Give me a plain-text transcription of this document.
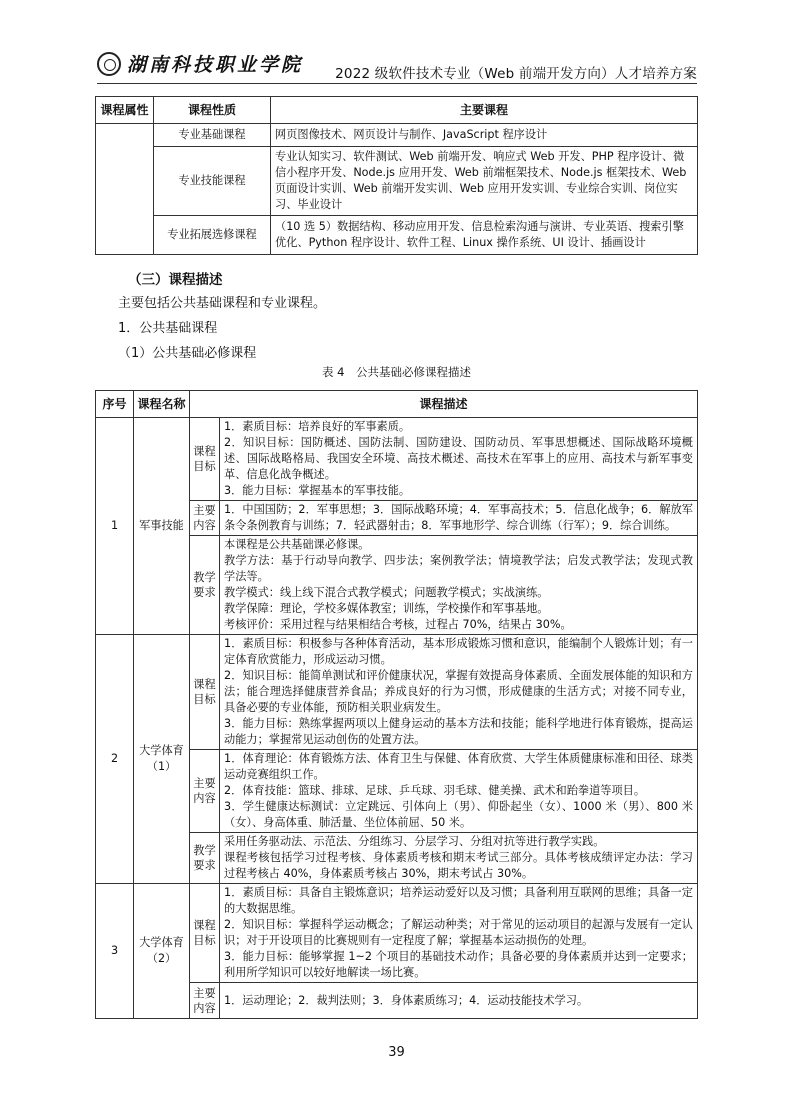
湖南科技职业学院 2022 级软件技术专业（Web 前端开发方向）人才培养方案
课程属性	课程性质	主要课程
	专业基础课程	网页图像技术、网页设计与制作、JavaScript 程序设计
	专业技能课程	专业认知实习、软件测试、Web 前端开发、响应式 Web 开发、PHP 程序设计、微信小程序开发、Node.js 应用开发、Web 前端框架技术、Node.js 框架技术、Web 页面设计实训、Web 前端开发实训、Web 应用开发实训、专业综合实训、岗位实习、毕业设计
	专业拓展选修课程	（10 选 5）数据结构、移动应用开发、信息检索沟通与演讲、专业英语、搜索引擎优化、Python 程序设计、软件工程、Linux 操作系统、UI 设计、插画设计
（三）课程描述
主要包括公共基础课程和专业课程。
1．公共基础课程
（1）公共基础必修课程
表 4　公共基础必修课程描述
序号	课程名称	课程描述	
1	军事技能	课程目标	1．素质目标：培养良好的军事素质。
2．知识目标：国防概述、国防法制、国防建设、国防动员、军事思想概述、国际战略环境概述、国际战略格局、我国安全环境、高技术概述、高技术在军事上的应用、高技术与新军事变革、信息化战争概述。
3．能力目标：掌握基本的军事技能。

		主要内容	1．中国国防；2．军事思想；3．国际战略环境；4．军事高技术；5．信息化战争；6．解放军条令条例教育与训练；7．轻武器射击；8．军事地形学、综合训练（行军）；9．综合训练。

		教学要求	本课程是公共基础课必修课。
教学方法：基于行动导向教学、四步法；案例教学法；情境教学法；启发式教学法；发现式教学法等。
教学模式：线上线下混合式教学模式；问题教学模式；实战演练。
教学保障：理论，学校多媒体教室；训练，学校操作和军事基地。
考核评价：采用过程与结果相结合考核，过程占 70%，结果占 30%。

2	大学体育（1）	课程目标	1．素质目标：积极参与各种体育活动，基本形成锻炼习惯和意识，能编制个人锻炼计划；有一定体育欣赏能力，形成运动习惯。
2．知识目标：能简单测试和评价健康状况，掌握有效提高身体素质、全面发展体能的知识和方法；能合理选择健康营养食品；养成良好的行为习惯，形成健康的生活方式；对接不同专业，具备必要的专业体能，预防相关职业病发生。
3．能力目标：熟练掌握两项以上健身运动的基本方法和技能；能科学地进行体育锻炼，提高运动能力；掌握常见运动创伤的处置方法。

		主要内容	1．体育理论：体育锻炼方法、体育卫生与保健、体育欣赏、大学生体质健康标准和田径、球类运动竞赛组织工作。
2．体育技能：篮球、排球、足球、乒乓球、羽毛球、健美操、武术和跆拳道等项目。
3．学生健康达标测试：立定跳远、引体向上（男）、仰卧起坐（女）、1000 米（男）、800 米（女）、身高体重、肺活量、坐位体前屈、50 米。

		教学要求	采用任务驱动法、示范法、分组练习、分层学习、分组对抗等进行教学实践。
课程考核包括学习过程考核、身体素质考核和期末考试三部分。具体考核成绩评定办法：学习过程考核占 40%，身体素质考核占 30%，期末考试占 30%。

3	大学体育（2）	课程目标	1．素质目标：具备自主锻炼意识；培养运动爱好以及习惯；具备利用互联网的思维；具备一定的大数据思维。
2．知识目标：掌握科学运动概念；了解运动种类；对于常见的运动项目的起源与发展有一定认识；对于开设项目的比赛规则有一定程度了解；掌握基本运动损伤的处理。
3．能力目标：能够掌握 1~2 个项目的基础技术动作；具备必要的身体素质并达到一定要求；利用所学知识可以较好地解读一场比赛。

		主要内容	1．运动理论；2．裁判法则；3．身体素质练习；4．运动技能技术学习。
39
